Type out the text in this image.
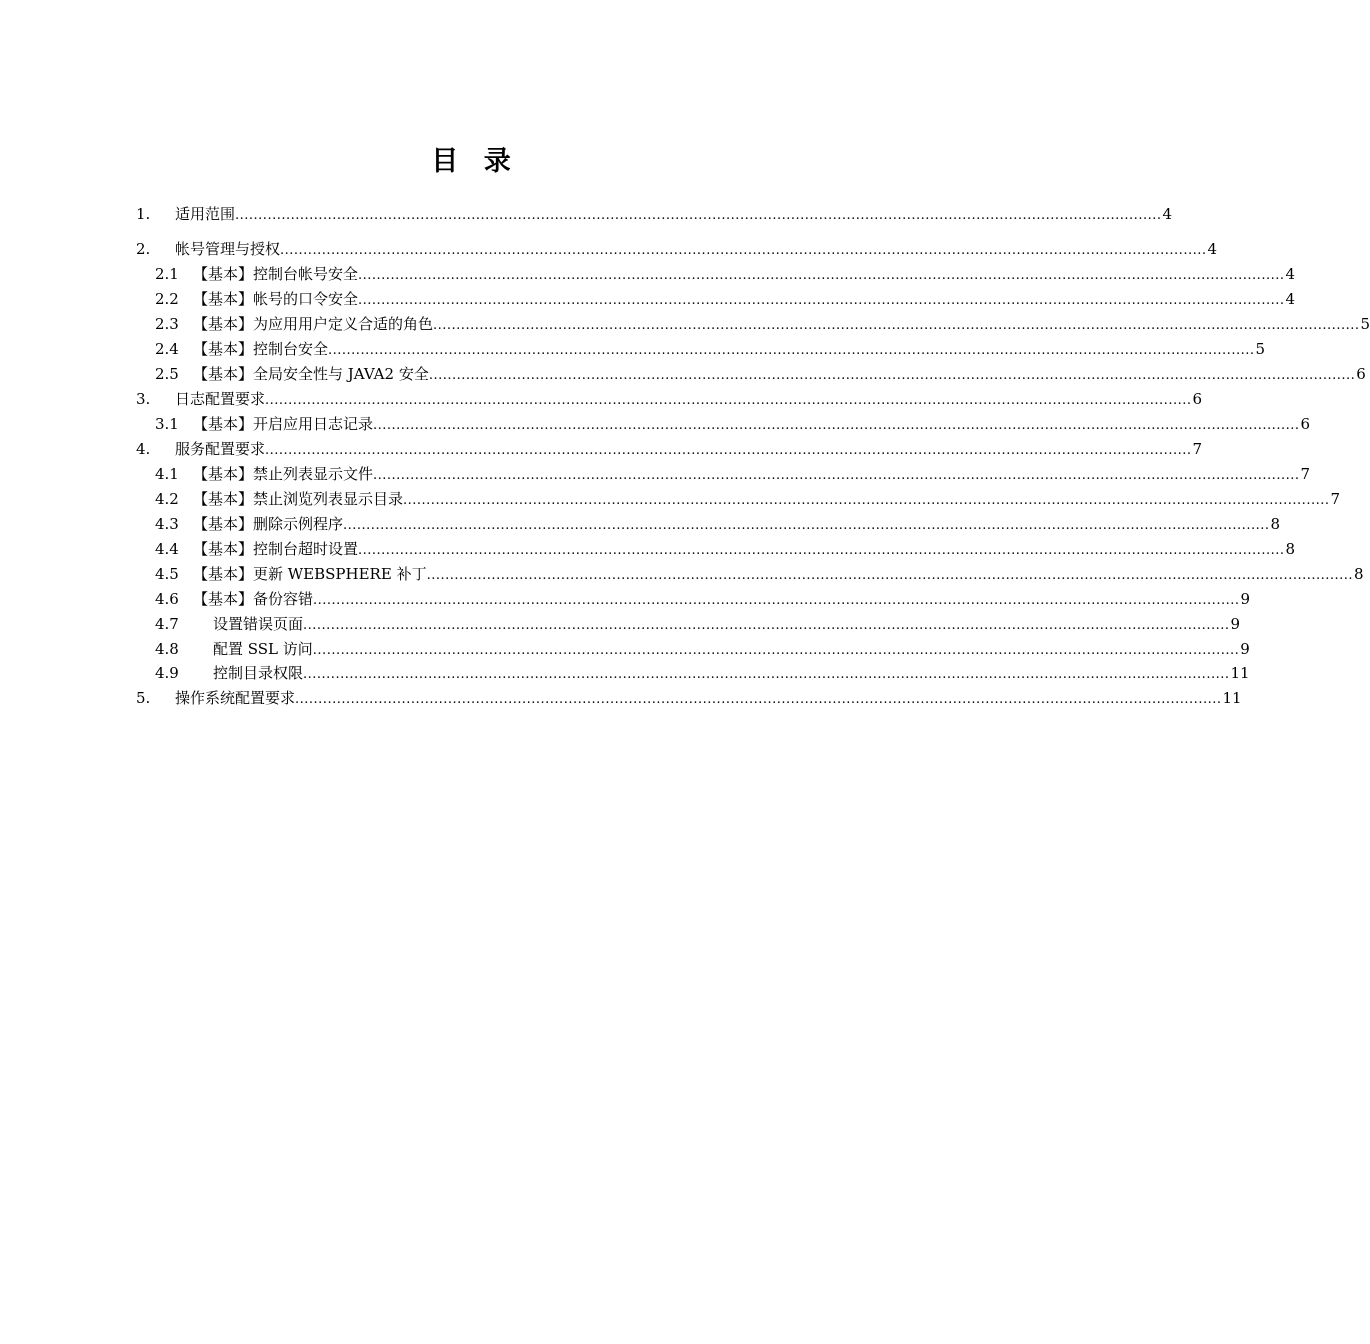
目 录
1. 适用范围 ........................................................................................................................................................................................................ 4
2. 帐号管理与授权 ........................................................................................................................................................................................................ 4
2.1 【基本】控制台帐号安全 ........................................................................................................................................................................................................ 4
2.2 【基本】帐号的口令安全 ........................................................................................................................................................................................................ 4
2.3 【基本】为应用用户定义合适的角色 ........................................................................................................................................................................................................ 5
2.4 【基本】控制台安全 ........................................................................................................................................................................................................ 5
2.5 【基本】全局安全性与 JAVA2 安全 ........................................................................................................................................................................................................ 6
3. 日志配置要求 ........................................................................................................................................................................................................ 6
3.1 【基本】开启应用日志记录 ........................................................................................................................................................................................................ 6
4. 服务配置要求 ........................................................................................................................................................................................................ 7
4.1 【基本】禁止列表显示文件 ........................................................................................................................................................................................................ 7
4.2 【基本】禁止浏览列表显示目录 ........................................................................................................................................................................................................ 7
4.3 【基本】删除示例程序 ........................................................................................................................................................................................................ 8
4.4 【基本】控制台超时设置 ........................................................................................................................................................................................................ 8
4.5 【基本】更新 WEBSPHERE 补丁 ........................................................................................................................................................................................................ 8
4.6 【基本】备份容错 ........................................................................................................................................................................................................ 9
4.7 设置错误页面 ........................................................................................................................................................................................................ 9
4.8 配置 SSL 访问 ........................................................................................................................................................................................................ 9
4.9 控制目录权限 ........................................................................................................................................................................................................ 11
5. 操作系统配置要求 ........................................................................................................................................................................................................ 11
